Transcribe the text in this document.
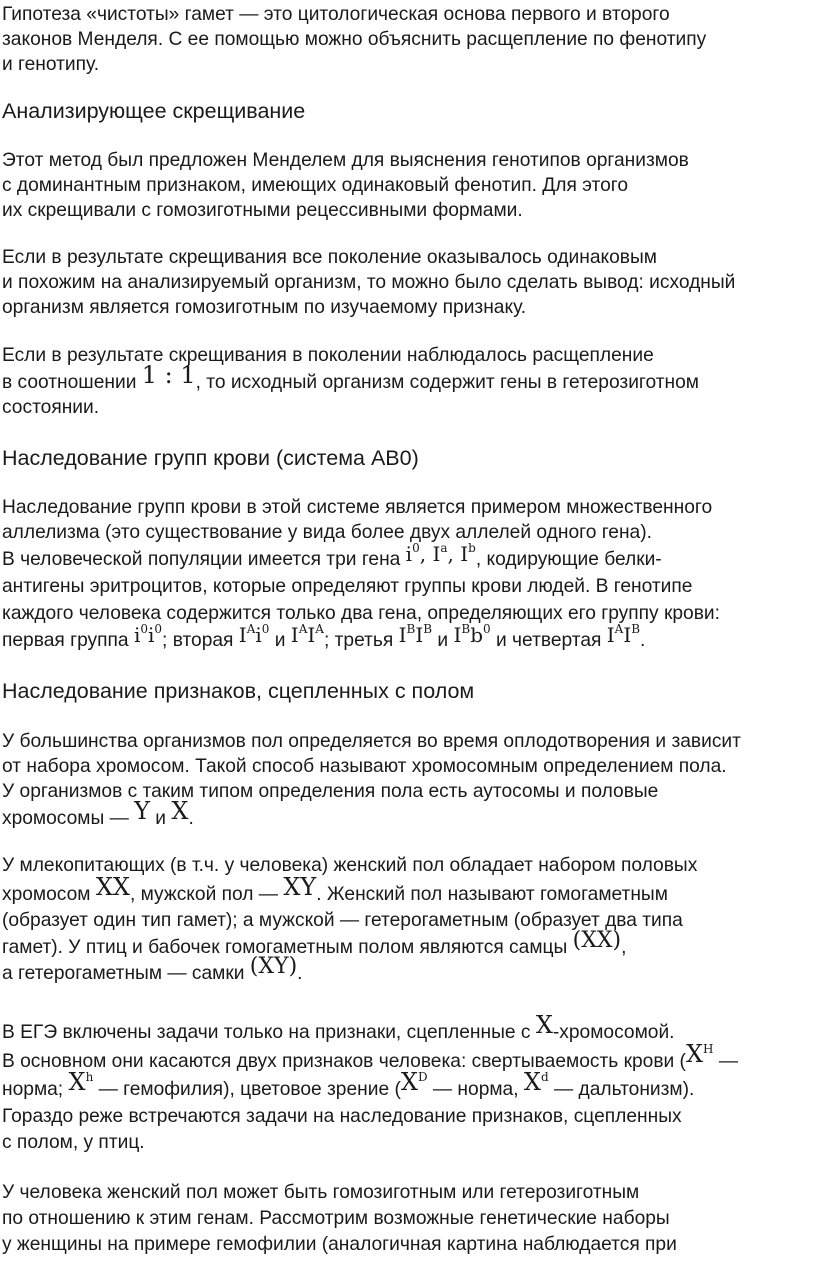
Гипотеза «чистоты» гамет — это цитологическая основа первого и второго
законов Менделя. С ее помощью можно объяснить расщепление по фенотипу
и генотипу.

Анализирующее скрещивание

Этот метод был предложен Менделем для выяснения генотипов организмов
с доминантным признаком, имеющих одинаковый фенотип. Для этого
их скрещивали с гомозиготными рецессивными формами.

Если в результате скрещивания все поколение оказывалось одинаковым
и похожим на анализируемый организм, то можно было сделать вывод: исходный
организм является гомозиготным по изучаемому признаку.

Если в результате скрещивания в поколении наблюдалось расщепление
в соотношении 1 : 1, то исходный организм содержит гены в гетерозиготном
состоянии.

Наследование групп крови (система АВ0)

Наследование групп крови в этой системе является примером множественного
аллелизма (это существование у вида более двух аллелей одного гена).

В человеческой популяции имеется три гена $i^0$, $I^a$, $I^b$, кодирующие белки-
антигены эритроцитов, которые определяют группы крови людей. В генотипе
каждого человека содержится только два гена, определяющих его группу крови:
первая группа $i^0i^0$; вторая $I^Ai^0$ и $I^AI^A$; третья $I^BI^B$ и $I^Bb^0$ и четвертая $I^AI^B$.

Наследование признаков, сцепленных с полом

У большинства организмов пол определяется во время оплодотворения и зависит
от набора хромосом. Такой способ называют хромосомным определением пола.
У организмов с таким типом определения пола есть аутосомы и половые
хромосомы — Y и X.

У млекопитающих (в т.ч. у человека) женский пол обладает набором половых
хромосом XX, мужской пол — XY. Женский пол называют гомогаметным
(образует один тип гамет); а мужской — гетерогаметным (образует два типа
гамет). У птиц и бабочек гомогаметным полом являются самцы (XX),
а гетерогаметным — самки (XY).

В ЕГЭ включены задачи только на признаки, сцепленные с X-хромосомой.
В основном они касаются двух признаков человека: свертываемость крови ($X^H$ —
норма; $X^h$ — гемофилия), цветовое зрение ($X^D$ — норма, $X^d$ — дальтонизм).
Гораздо реже встречаются задачи на наследование признаков, сцепленных
с полом, у птиц.

У человека женский пол может быть гомозиготным или гетерозиготным
по отношению к этим генам. Рассмотрим возможные генетические наборы
у женщины на примере гемофилии (аналогичная картина наблюдается при
